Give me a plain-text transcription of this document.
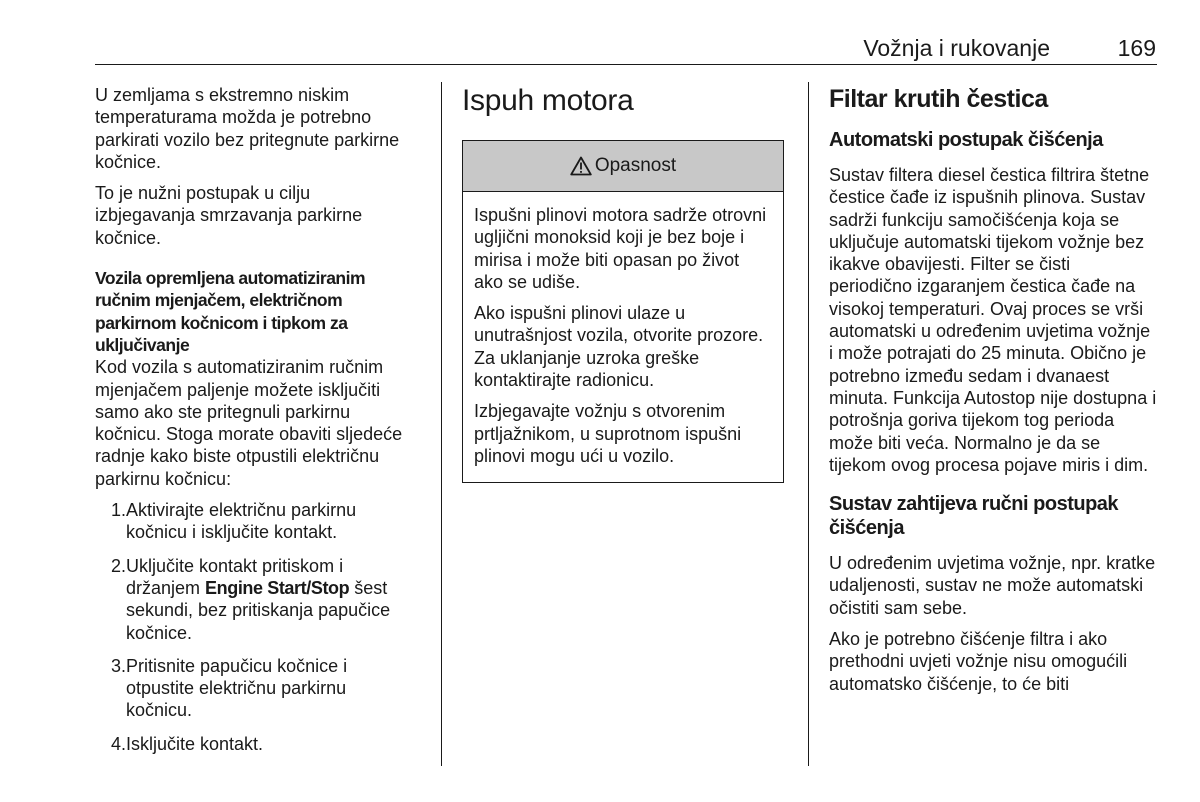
Vožnja i rukovanje	169

U zemljama s ekstremno niskim temperaturama možda je potrebno parkirati vozilo bez pritegnute parkirne kočnice.

To je nužni postupak u cilju izbjegavanja smrzavanja parkirne kočnice.

Vozila opremljena automatiziranim ručnim mjenjačem, električnom parkirnom kočnicom i tipkom za uključivanje

Kod vozila s automatiziranim ručnim mjenjačem paljenje možete isključiti samo ako ste pritegnuli parkirnu kočnicu. Stoga morate obaviti sljedeće radnje kako biste otpustili električnu parkirnu kočnicu:

1. Aktivirajte električnu parkirnu kočnicu i isključite kontakt.
2. Uključite kontakt pritiskom i držanjem Engine Start/Stop šest sekundi, bez pritiskanja papučice kočnice.
3. Pritisnite papučicu kočnice i otpustite električnu parkirnu kočnicu.
4. Isključite kontakt.
Ispuh motora
Opasnost

Ispušni plinovi motora sadrže otrovni ugljični monoksid koji je bez boje i mirisa i može biti opasan po život ako se udiše.

Ako ispušni plinovi ulaze u unutrašnjost vozila, otvorite prozore. Za uklanjanje uzroka greške kontaktirajte radionicu.

Izbjegavajte vožnju s otvorenim prtljažnikom, u suprotnom ispušni plinovi mogu ući u vozilo.

Filtar krutih čestica
Automatski postupak čišćenja

Sustav filtera diesel čestica filtrira štetne čestice čađe iz ispušnih plinova. Sustav sadrži funkciju samočišćenja koja se uključuje automatski tijekom vožnje bez ikakve obavijesti. Filter se čisti periodično izgaranjem čestica čađe na visokoj temperaturi. Ovaj proces se vrši automatski u određenim uvjetima vožnje i može potrajati do 25 minuta. Obično je potrebno između sedam i dvanaest minuta. Funkcija Autostop nije dostupna i potrošnja goriva tijekom tog perioda može biti veća. Normalno je da se tijekom ovog procesa pojave miris i dim.

Sustav zahtijeva ručni postupak čišćenja

U određenim uvjetima vožnje, npr. kratke udaljenosti, sustav ne može automatski očistiti sam sebe.

Ako je potrebno čišćenje filtra i ako prethodni uvjeti vožnje nisu omogućili automatsko čišćenje, to će biti
